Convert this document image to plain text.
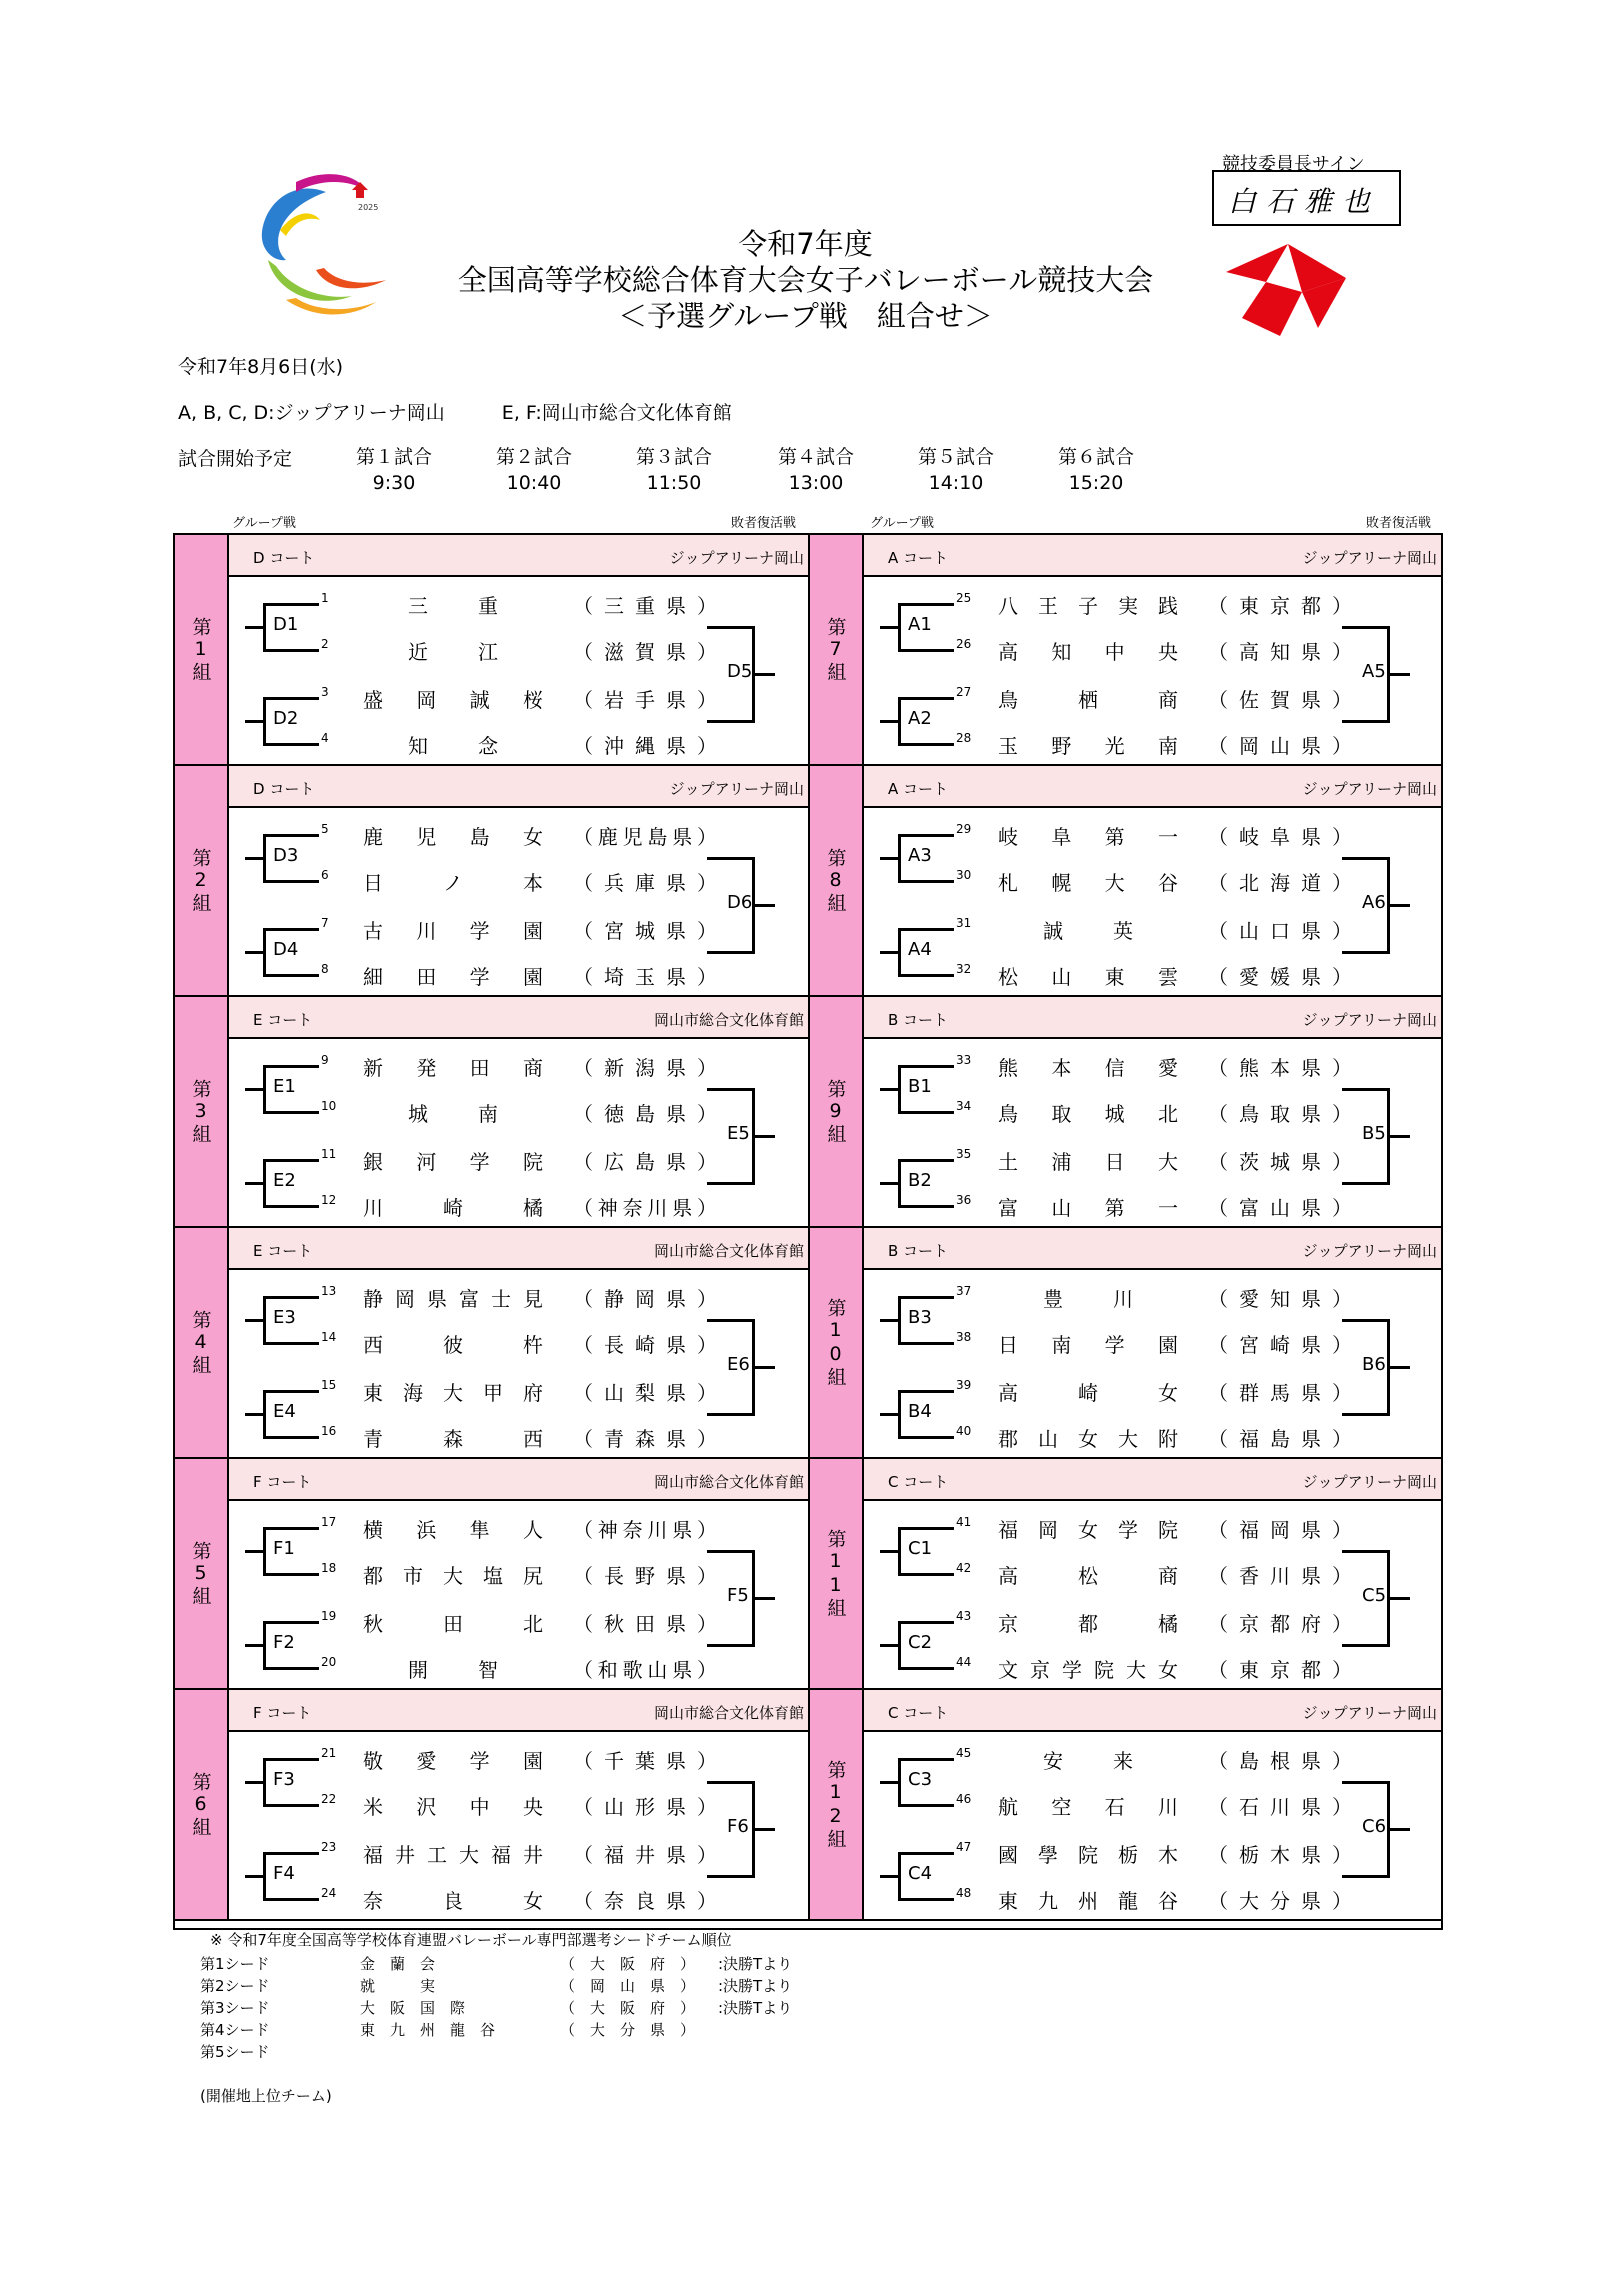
2025
令和7年度
全国高等学校総合体育大会女子バレーボール競技大会
＜予選グループ戦　組合せ＞
競技委員長サイン
白石雅也
令和7年8月6日(水)
A, B, C, D:ジップアリーナ岡山　　　E, F:岡山市総合文化体育館
試合開始予定	第１試合
9:30
第２試合
10:40
第３試合
11:50
第４試合
13:00
第５試合
14:10
第６試合
15:20
グループ戦	敗者復活戦	グループ戦	敗者復活戦
第1組
D コート	ジップアリーナ岡山
1	三	重	（ 三 重 県 ）
2	近	江	（ 滋 賀 県 ）
3 盛 岡 誠 桜 （ 岩 手 県 ）
4	知	念	（ 沖 縄 県 ）
D1
D2
D5
第2組
D コート	ジップアリーナ岡山
5 鹿 児 島 女 （ 鹿 児 島 県 ）
6 日	ノ	本 （ 兵 庫 県 ）
7 古 川 学 園 （ 宮 城 県 ）
8 細 田 学 園 （ 埼 玉 県 ）
D3
D4
D6
第3組
E コート	岡山市総合文化体育館
9 新 発 田 商 （ 新 潟 県 ）
10	城	南	（ 徳 島 県 ）
11 銀 河 学 院 （ 広 島 県 ）
12 川	崎	橘 （ 神 奈 川 県 ）
E1
E2
E5
第4組
E コート	岡山市総合文化体育館
13 静 岡 県 富 士 見 （ 静 岡 県 ）
14 西	彼	杵 （ 長 崎 県 ）
15 東 海 大 甲 府 （ 山 梨 県 ）
16 青	森	西 （ 青 森 県 ）
E3
E4
E6
第5組
F コート	岡山市総合文化体育館
17 横 浜 隼 人 （ 神 奈 川 県 ）
18 都 市 大 塩 尻 （ 長 野 県 ）
19 秋	田	北 （ 秋 田 県 ）
20	開	智	（ 和 歌 山 県 ）
F1
F2
F5
第6組
F コート	岡山市総合文化体育館
21 敬 愛 学 園 （ 千 葉 県 ）
22 米 沢 中 央 （ 山 形 県 ）
23 福 井 工 大 福 井 （ 福 井 県 ）
24 奈	良	女 （ 奈 良 県 ）
F3
F4
F6
第7組
A コート	ジップアリーナ岡山
25 八 王 子 実 践 （ 東 京 都 ）
26 高 知 中 央 （ 高 知 県 ）
27 鳥	栖	商 （ 佐 賀 県 ）
28 玉 野 光 南 （ 岡 山 県 ）
A1
A2
A5
第8組
A コート	ジップアリーナ岡山
29 岐 阜 第 一 （ 岐 阜 県 ）
30 札 幌 大 谷 （ 北 海 道 ）
31	誠	英	（ 山 口 県 ）
32 松 山 東 雲 （ 愛 媛 県 ）
A3
A4
A6
第9組
B コート	ジップアリーナ岡山
33 熊 本 信 愛 （ 熊 本 県 ）
34 鳥 取 城 北 （ 鳥 取 県 ）
35 土 浦 日 大 （ 茨 城 県 ）
36 富 山 第 一 （ 富 山 県 ）
B1
B2
B5
第10組
B コート	ジップアリーナ岡山
37	豊	川	（ 愛 知 県 ）
38 日 南 学 園 （ 宮 崎 県 ）
39 高	崎	女 （ 群 馬 県 ）
40 郡 山 女 大 附 （ 福 島 県 ）
B3
B4
B6
第11組
C コート	ジップアリーナ岡山
41 福 岡 女 学 院 （ 福 岡 県 ）
42 高	松	商 （ 香 川 県 ）
43 京	都	橘 （ 京 都 府 ）
44 文 京 学 院 大 女 （ 東 京 都 ）
C1
C2
C5
第12組
C コート	ジップアリーナ岡山
45	安	来	（ 島 根 県 ）
46 航 空 石 川 （ 石 川 県 ）
47 國 學 院 栃 木 （ 栃 木 県 ）
48 東 九 州 龍 谷 （ 大 分 県 ）
C3
C4
C6
※ 令和7年度全国高等学校体育連盟バレーボール専門部選考シードチーム順位
第1シード	金　蘭　会	（　大　阪　府　） :決勝Tより
第2シード	就　　　実	（　岡　山　県　） :決勝Tより
第3シード	大　阪　国　際	（　大　阪　府　） :決勝Tより
第4シード	東　九　州　龍　谷	（　大　分　県　）
第5シード
(開催地上位チーム)
